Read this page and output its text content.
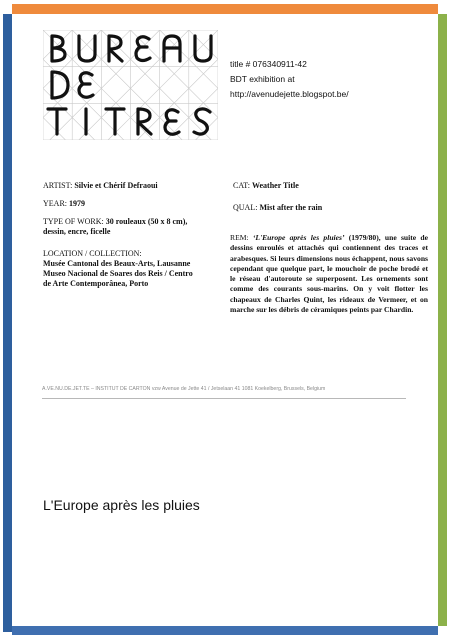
title # 076340911-42
BDT exhibition at
http://avenudejette.blogspot.be/
ARTIST: Silvie et Chérif Defraoui
YEAR: 1979
TYPE OF WORK: 30 rouleaux (50 x 8 cm),
dessin, encre, ficelle
LOCATION / COLLECTION:
Musée Cantonal des Beaux-Arts, Lausanne
Museo Nacional de Soares dos Reis / Centro
de Arte Contemporânea, Porto
CAT: Weather Title
QUAL: Mist after the rain
REM: ‘L'Europe après les pluies’ (1979/80), une suite de dessins enroulés et attachés qui contiennent des traces et arabesques. Si leurs dimensions nous échappent, nous savons cependant que quelque part, le mouchoir de poche brodé et le réseau d'autoroute se superposent. Les ornements sont comme des courants sous-marins. On y voit flotter les chapeaux de Charles Quint, les rideaux de Vermeer, et on marche sur les débris de céramiques peints par Chardin.
A.VE.NU.DE.JET.TE – INSTITUT DE CARTON vzw Avenue de Jette 41 / Jetselaan 41 1081 Koekelberg, Brussels, Belgium
L'Europe après les pluies
